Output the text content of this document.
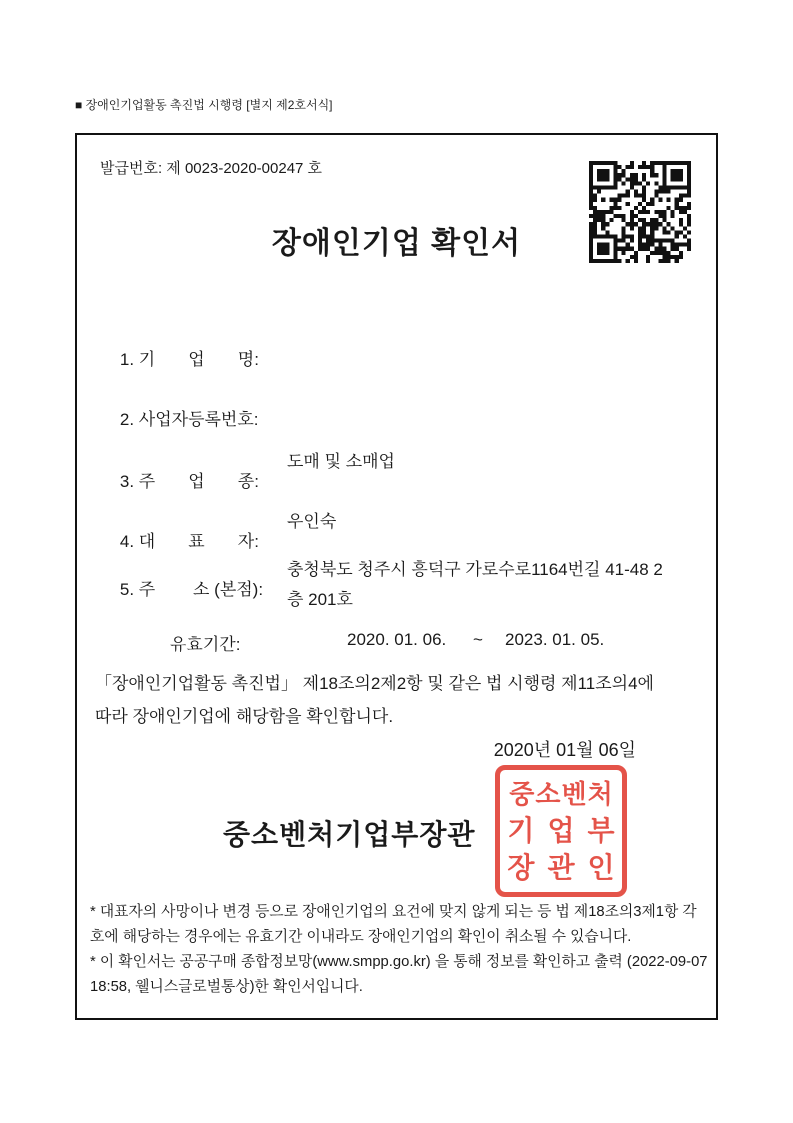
■ 장애인기업활동 촉진법 시행령 [별지 제2호서식]
발급번호: 제 0023-2020-00247 호
장애인기업 확인서

1. 기       업       명:

2. 사업자등록번호:

3. 주       업       종:

도매 및 소매업

4. 대       표       자:

우인숙

5. 주        소 (본점):

충청북도 청주시 흥덕구 가로수로1164번길 41-48 2층 201호

유효기간:	2020. 01. 06. ~ 2023. 01. 05.

「장애인기업활동 촉진법」 제18조의2제2항 및 같은 법 시행령 제11조의4에 따라 장애인기업에 해당함을 확인합니다.

2020년 01월 06일
중소벤처기업부장관
중소벤처
기업부
장관인

* 대표자의 사망이나 변경 등으로 장애인기업의 요건에 맞지 않게 되는 등 법 제18조의3제1항 각 호에 해당하는 경우에는 유효기간 이내라도 장애인기업의 확인이 취소될 수 있습니다.

* 이 확인서는 공공구매 종합정보망(www.smpp.go.kr) 을 통해 정보를 확인하고 출력 (2022-09-07 18:58, 웰니스글로벌통상)한 확인서입니다.
